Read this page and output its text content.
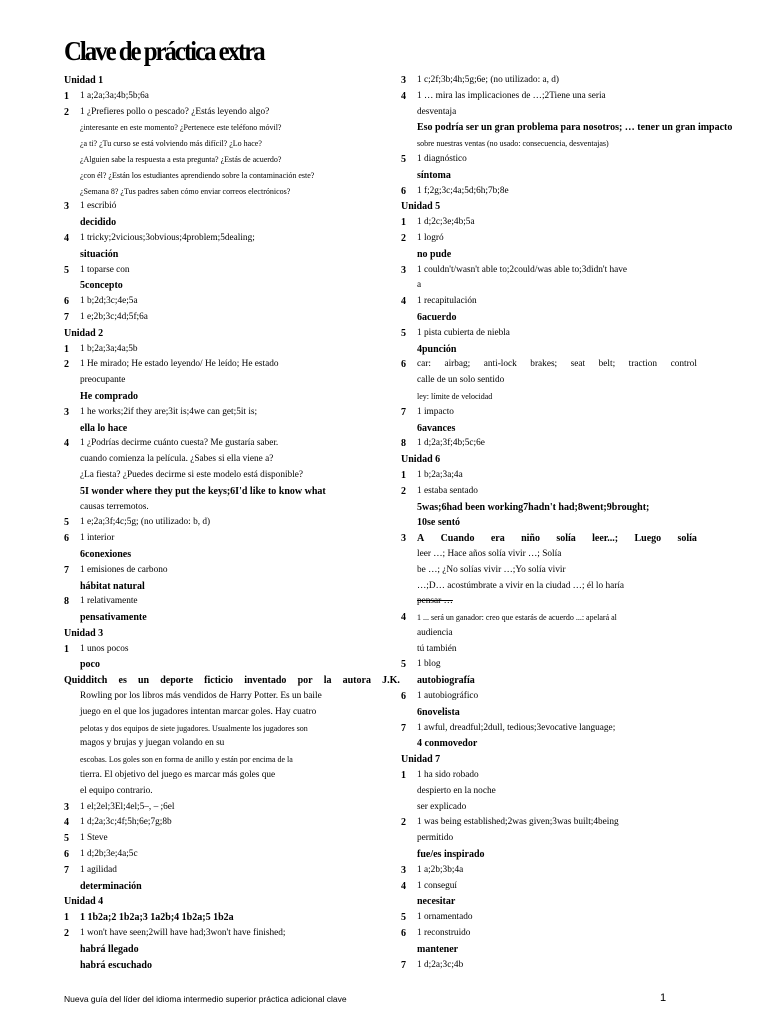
Clave de práctica extra
Unidad 1
1 1 a;2a;3a;4b;5b;6a
2 1 ¿Prefieres pollo o pescado? ¿Estás leyendo algo?
¿interesante en este momento? ¿Pertenece este teléfono móvil?
¿a ti? ¿Tu curso se está volviendo más difícil? ¿Lo hace?
¿Alguien sabe la respuesta a esta pregunta? ¿Estás de acuerdo?
¿con él? ¿Están los estudiantes aprendiendo sobre la contaminación este?
¿Semana 8? ¿Tus padres saben cómo enviar correos electrónicos?
3 1 escribió
decidido
4 1 tricky;2vicious;3obvious;4problem;5dealing;
situación
5 1 toparse con
5concepto
6 1 b;2d;3c;4e;5a
7 1 e;2b;3c;4d;5f;6a
Unidad 2
1 1 b;2a;3a;4a;5b
2 1 He mirado; He estado leyendo/ He leído; He estado
preocupante
He comprado
3 1 he works;2if they are;3it is;4we can get;5it is;
ella lo hace
4 1 ¿Podrías decirme cuánto cuesta? Me gustaría saber.
cuando comienza la película. ¿Sabes si ella viene a?
¿La fiesta? ¿Puedes decirme si este modelo está disponible?
5I wonder where they put the keys;6I'd like to know what
causas terremotos.
5 1 e;2a;3f;4c;5g; (no utilizado: b, d)
6 1 interior
6conexiones
7 1 emisiones de carbono
hábitat natural
8 1 relativamente
pensativamente
Unidad 3
1 1 unos pocos
poco
Quidditch es un deporte ficticio inventado por la autora J.K.
Rowling por los libros más vendidos de Harry Potter. Es un baile
juego en el que los jugadores intentan marcar goles. Hay cuatro
pelotas y dos equipos de siete jugadores. Usualmente los jugadores son
magos y brujas y juegan volando en su
escobas. Los goles son en forma de anillo y están por encima de la
tierra. El objetivo del juego es marcar más goles que
el equipo contrario.
3 1 el;2el;3El;4el;5–, – ;6el
4 1 d;2a;3c;4f;5h;6e;7g;8b
5 1 Steve
6 1 d;2b;3e;4a;5c
7 1 agilidad
determinación
Unidad 4
1 1 1b2a;2 1b2a;3 1a2b;4 1b2a;5 1b2a
2 1 won't have seen;2will have had;3won't have finished;
habrá llegado
habrá escuchado
3 1 c;2f;3b;4h;5g;6e; (no utilizado: a, d)
4 1 … mira las implicaciones de …;2Tiene una seria
desventaja
Eso podría ser un gran problema para nosotros; … tener un gran impacto
sobre nuestras ventas (no usado: consecuencia, desventajas)
5 1 diagnóstico
síntoma
6 1 f;2g;3c;4a;5d;6h;7b;8e
Unidad 5
1 1 d;2c;3e;4b;5a
2 1 logró
no pude
3 1 couldn't/wasn't able to;2could/was able to;3didn't have
a
4 1 recapitulación
6acuerdo
5 1 pista cubierta de niebla
4punción
6 car: airbag; anti-lock brakes; seat belt; traction control
calle de un solo sentido
ley: límite de velocidad
7 1 impacto
6avances
8 1 d;2a;3f;4b;5c;6e
Unidad 6
1 1 b;2a;3a;4a
2 1 estaba sentado
5was;6had been working7hadn't had;8went;9brought;
10se sentó
3 A Cuando era niño solía leer...; Luego solía
leer …; Hace años solía vivir …; Solía
be …; ¿No solías vivir …;Yo solía vivir
…;D… acostúmbrate a vivir en la ciudad …; él lo haría
pensar …
4 1 ... será un ganador: creo que estarás de acuerdo ...: apelará al
audiencia
tú también
5 1 blog
autobiografía
6 1 autobiográfico
6novelista
7 1 awful, dreadful;2dull, tedious;3evocative language;
4 conmovedor
Unidad 7
1 1 ha sido robado
despierto en la noche
ser explicado
2 1 was being established;2was given;3was built;4being
permitido
fue/es inspirado
3 1 a;2b;3b;4a
4 1 conseguí
necesitar
5 1 ornamentado
6 1 reconstruido
mantener
7 1 d;2a;3c;4b
Nueva guía del líder del idioma intermedio superior práctica adicional clave	1
